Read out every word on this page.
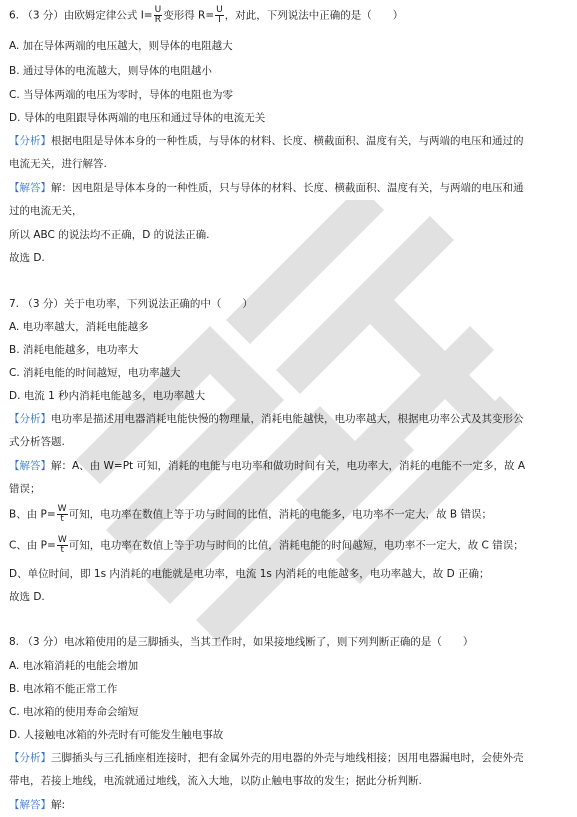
6. （3 分）由欧姆定律公式 $I= \frac{U}{R}$ 变形得 $R= \frac{U}{I}$ ，对此，下列说法中正确的是（　　）
A. 加在导体两端的电压越大，则导体的电阻越大
B. 通过导体的电流越大，则导体的电阻越小
C. 当导体两端的电压为零时，导体的电阻也为零
D. 导体的电阻跟导体两端的电压和通过导体的电流无关
【分析】根据电阻是导体本身的一种性质，与导体的材料、长度、横截面积、温度有关，与两端的电压和通过的
电流无关，进行解答.
【解答】解：因电阻是导体本身的一种性质，只与导体的材料、长度、横截面积、温度有关，与两端的电压和通
过的电流无关，
所以 ABC 的说法均不正确，D 的说法正确.
故选 D.
7. （3 分）关于电功率，下列说法正确的中（　　）
A. 电功率越大，消耗电能越多
B. 消耗电能越多，电功率大
C. 消耗电能的时间越短，电功率越大
D. 电流 1 秒内消耗电能越多，电功率越大
【分析】电功率是描述用电器消耗电能快慢的物理量，消耗电能越快，电功率越大，根据电功率公式及其变形公
式分析答题.
【解答】解：A、由 W=Pt 可知，消耗的电能与电功率和做功时间有关，电功率大，消耗的电能不一定多，故 A
错误；
B、由 $P= \frac{W}{t}$ 可知，电功率在数值上等于功与时间的比值，消耗的电能多，电功率不一定大，故 B 错误；
C、由 $P= \frac{W}{t}$ 可知，电功率在数值上等于功与时间的比值，消耗电能的时间越短，电功率不一定大，故 C 错误；
D、单位时间，即 1s 内消耗的电能就是电功率，电流 1s 内消耗的电能越多，电功率越大，故 D 正确；
故选 D.
8. （3 分）电冰箱使用的是三脚插头，当其工作时，如果接地线断了，则下列判断正确的是（　　）
A. 电冰箱消耗的电能会增加
B. 电冰箱不能正常工作
C. 电冰箱的使用寿命会缩短
D. 人接触电冰箱的外壳时有可能发生触电事故
【分析】三脚插头与三孔插座相连接时，把有金属外壳的用电器的外壳与地线相接；因用电器漏电时，会使外壳
带电，若接上地线，电流就通过地线，流入大地，以防止触电事故的发生；据此分析判断.
【解答】解:
